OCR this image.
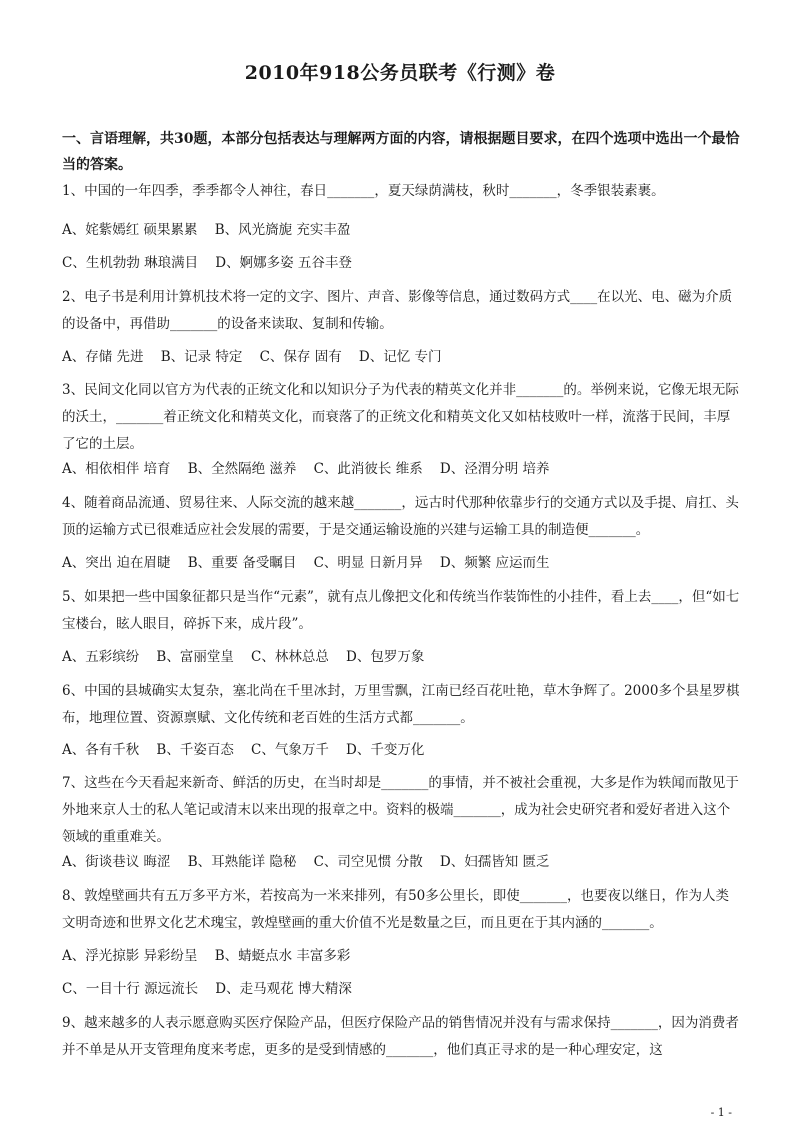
2010年918公务员联考《行测》卷
一、言语理解，共30题，本部分包括表达与理解两方面的内容，请根据题目要求，在四个选项中选出一个最恰当的答案。
1、中国的一年四季，季季都令人神往，春日_______，夏天绿荫满枝，秋时_______，冬季银装素裹。
A、姹紫嫣红 硕果累累    B、风光旖旎 充实丰盈
C、生机勃勃 琳琅满目    D、婀娜多姿 五谷丰登
2、电子书是利用计算机技术将一定的文字、图片、声音、影像等信息，通过数码方式____在以光、电、磁为介质的设备中，再借助_______的设备来读取、复制和传输。
A、存储 先进    B、记录 特定    C、保存 固有    D、记忆 专门
3、民间文化同以官方为代表的正统文化和以知识分子为代表的精英文化并非_______的。举例来说，它像无垠无际的沃土，_______着正统文化和精英文化，而衰落了的正统文化和精英文化又如枯枝败叶一样，流落于民间，丰厚了它的土层。
A、相依相伴 培育    B、全然隔绝 滋养    C、此消彼长 维系    D、泾渭分明 培养
4、随着商品流通、贸易往来、人际交流的越来越_______，远古时代那种依靠步行的交通方式以及手提、肩扛、头顶的运输方式已很难适应社会发展的需要，于是交通运输设施的兴建与运输工具的制造便_______。
A、突出 迫在眉睫    B、重要 备受瞩目    C、明显 日新月异    D、频繁 应运而生
5、如果把一些中国象征都只是当作“元素”，就有点儿像把文化和传统当作装饰性的小挂件，看上去____，但“如七宝楼台，眩人眼目，碎拆下来，成片段”。
A、五彩缤纷    B、富丽堂皇    C、林林总总    D、包罗万象
6、中国的县城确实太复杂，塞北尚在千里冰封，万里雪飘，江南已经百花吐艳，草木争辉了。2000多个县星罗棋布，地理位置、资源禀赋、文化传统和老百姓的生活方式都_______。
A、各有千秋    B、千姿百态    C、气象万千    D、千变万化
7、这些在今天看起来新奇、鲜活的历史，在当时却是_______的事情，并不被社会重视，大多是作为轶闻而散见于外地来京人士的私人笔记或清末以来出现的报章之中。资料的极端_______，成为社会史研究者和爱好者进入这个领域的重重难关。
A、街谈巷议 晦涩    B、耳熟能详 隐秘    C、司空见惯 分散    D、妇孺皆知 匮乏
8、敦煌壁画共有五万多平方米，若按高为一米来排列，有50多公里长，即使_______，也要夜以继日，作为人类文明奇迹和世界文化艺术瑰宝，敦煌壁画的重大价值不光是数量之巨，而且更在于其内涵的_______。
A、浮光掠影 异彩纷呈    B、蜻蜓点水 丰富多彩
C、一目十行 源远流长    D、走马观花 博大精深
9、越来越多的人表示愿意购买医疗保险产品，但医疗保险产品的销售情况并没有与需求保持_______，因为消费者并不单是从开支管理角度来考虑，更多的是受到情感的_______，他们真正寻求的是一种心理安定，这
- 1 -
